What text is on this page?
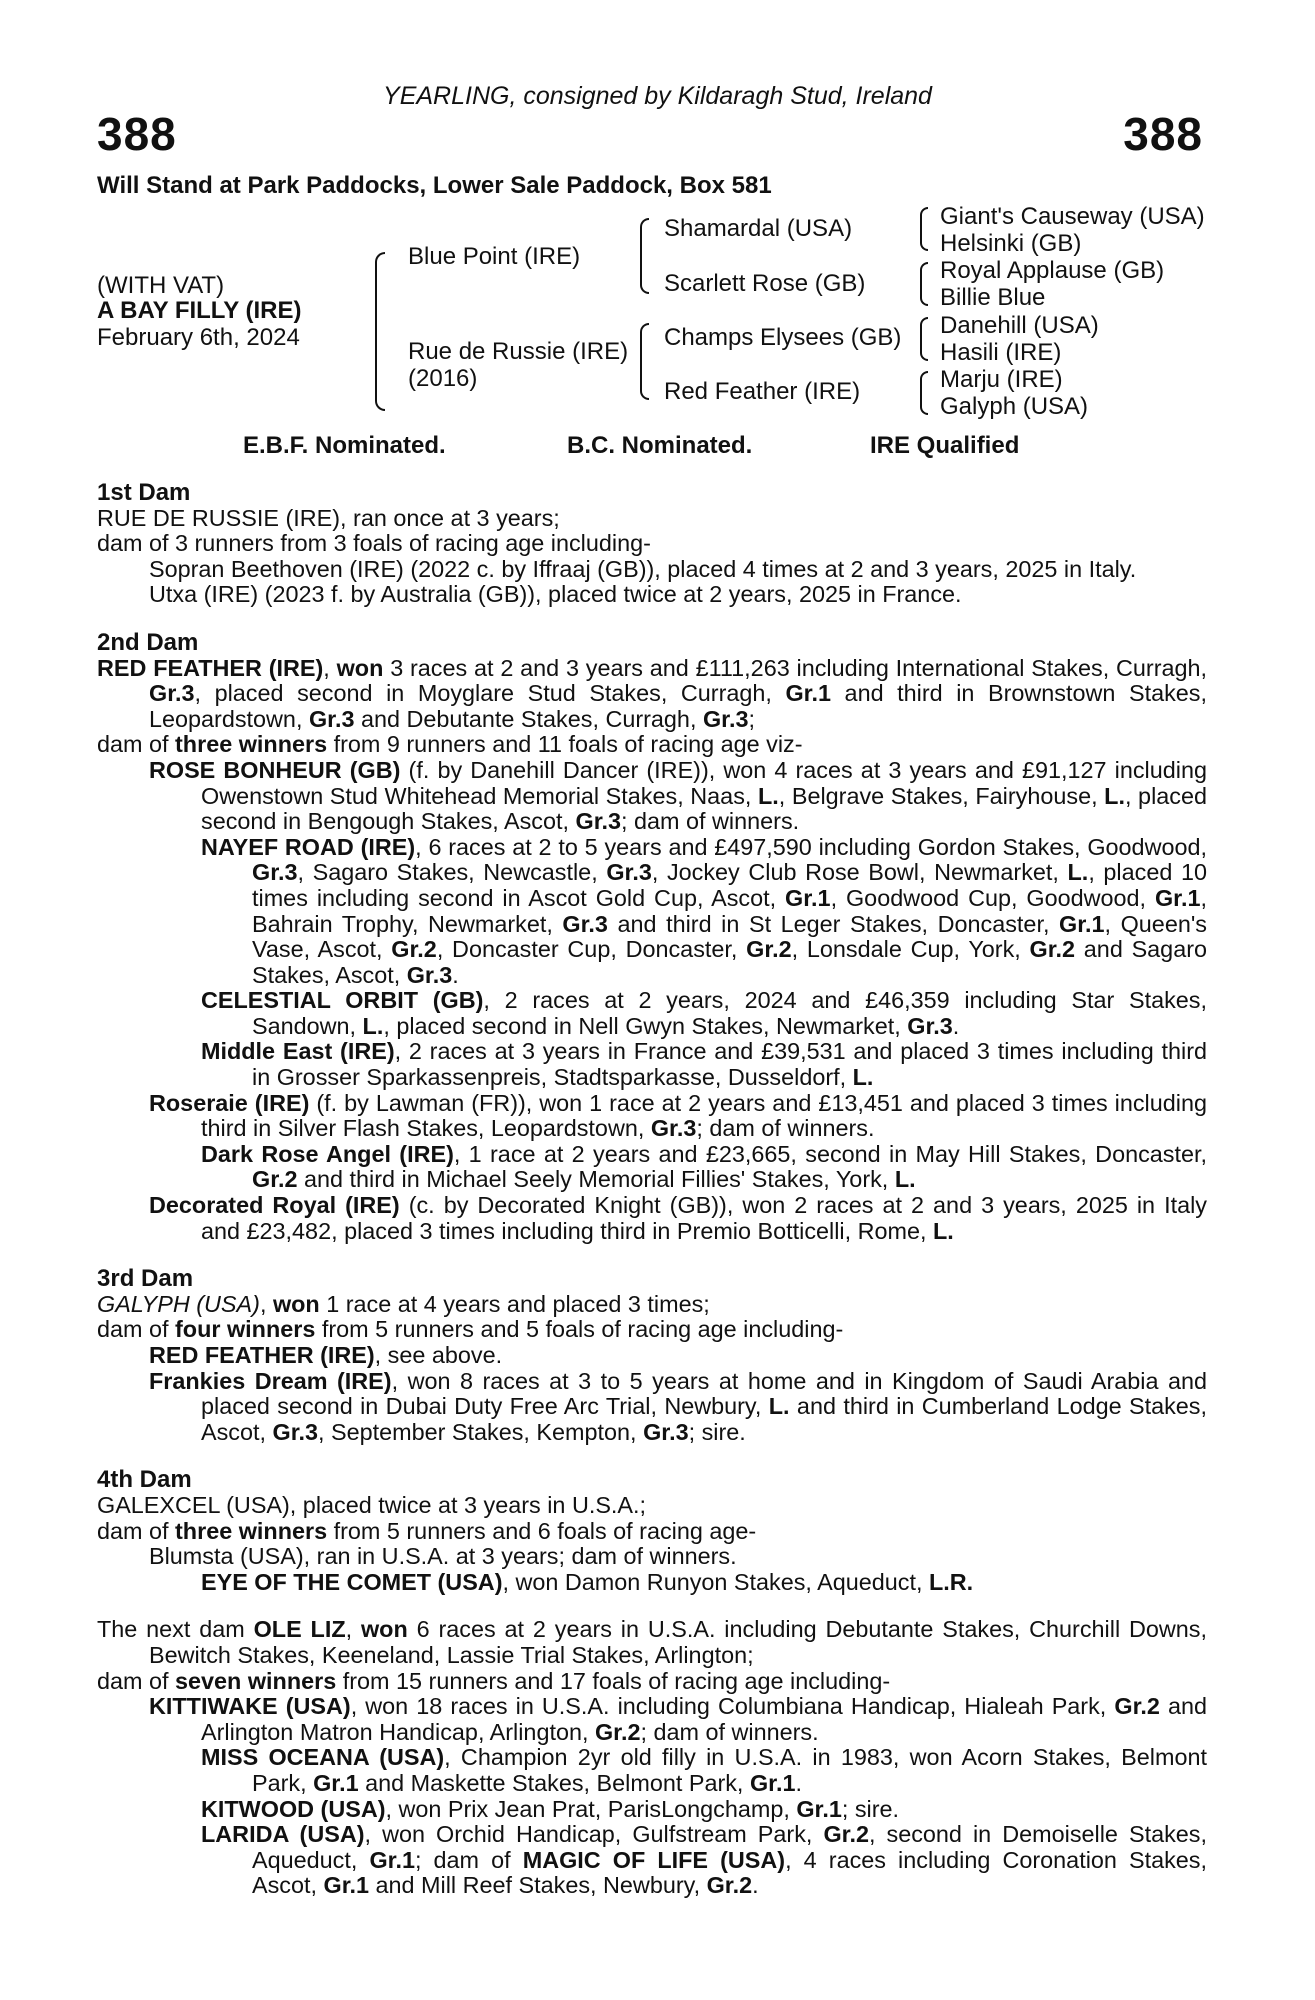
YEARLING, consigned by Kildaragh Stud, Ireland
388	388
Will Stand at Park Paddocks, Lower Sale Paddock, Box 581
(WITH VAT)
A BAY FILLY (IRE)
February 6th, 2024
Blue Point (IRE)
Rue de Russie (IRE)
(2016)
Shamardal (USA)
Scarlett Rose (GB)
Champs Elysees (GB)
Red Feather (IRE)
Giant's Causeway (USA)
Helsinki (GB)
Royal Applause (GB)
Billie Blue
Danehill (USA)
Hasili (IRE)
Marju (IRE)
Galyph (USA)
E.B.F. Nominated.	B.C. Nominated.	IRE Qualified
1st Dam
RUE DE RUSSIE (IRE), ran once at 3 years;
dam of 3 runners from 3 foals of racing age including-
Sopran Beethoven (IRE) (2022 c. by Iffraaj (GB)), placed 4 times at 2 and 3 years, 2025 in Italy.
Utxa (IRE) (2023 f. by Australia (GB)), placed twice at 2 years, 2025 in France.
2nd Dam
RED FEATHER (IRE), won 3 races at 2 and 3 years and £111,263 including International Stakes, Curragh, Gr.3, placed second in Moyglare Stud Stakes, Curragh, Gr.1 and third in Brownstown Stakes, Leopardstown, Gr.3 and Debutante Stakes, Curragh, Gr.3;
dam of three winners from 9 runners and 11 foals of racing age viz-
ROSE BONHEUR (GB) (f. by Danehill Dancer (IRE)), won 4 races at 3 years and £91,127 including Owenstown Stud Whitehead Memorial Stakes, Naas, L., Belgrave Stakes, Fairyhouse, L., placed second in Bengough Stakes, Ascot, Gr.3; dam of winners.
NAYEF ROAD (IRE), 6 races at 2 to 5 years and £497,590 including Gordon Stakes, Goodwood, Gr.3, Sagaro Stakes, Newcastle, Gr.3, Jockey Club Rose Bowl, Newmarket, L., placed 10 times including second in Ascot Gold Cup, Ascot, Gr.1, Goodwood Cup, Goodwood, Gr.1, Bahrain Trophy, Newmarket, Gr.3 and third in St Leger Stakes, Doncaster, Gr.1, Queen's Vase, Ascot, Gr.2, Doncaster Cup, Doncaster, Gr.2, Lonsdale Cup, York, Gr.2 and Sagaro Stakes, Ascot, Gr.3.
CELESTIAL ORBIT (GB), 2 races at 2 years, 2024 and £46,359 including Star Stakes, Sandown, L., placed second in Nell Gwyn Stakes, Newmarket, Gr.3.
Middle East (IRE), 2 races at 3 years in France and £39,531 and placed 3 times including third in Grosser Sparkassenpreis, Stadtsparkasse, Dusseldorf, L.
Roseraie (IRE) (f. by Lawman (FR)), won 1 race at 2 years and £13,451 and placed 3 times including third in Silver Flash Stakes, Leopardstown, Gr.3; dam of winners.
Dark Rose Angel (IRE), 1 race at 2 years and £23,665, second in May Hill Stakes, Doncaster, Gr.2 and third in Michael Seely Memorial Fillies' Stakes, York, L.
Decorated Royal (IRE) (c. by Decorated Knight (GB)), won 2 races at 2 and 3 years, 2025 in Italy and £23,482, placed 3 times including third in Premio Botticelli, Rome, L.
3rd Dam
GALYPH (USA), won 1 race at 4 years and placed 3 times;
dam of four winners from 5 runners and 5 foals of racing age including-
RED FEATHER (IRE), see above.
Frankies Dream (IRE), won 8 races at 3 to 5 years at home and in Kingdom of Saudi Arabia and placed second in Dubai Duty Free Arc Trial, Newbury, L. and third in Cumberland Lodge Stakes, Ascot, Gr.3, September Stakes, Kempton, Gr.3; sire.
4th Dam
GALEXCEL (USA), placed twice at 3 years in U.S.A.;
dam of three winners from 5 runners and 6 foals of racing age-
Blumsta (USA), ran in U.S.A. at 3 years; dam of winners.
EYE OF THE COMET (USA), won Damon Runyon Stakes, Aqueduct, L.R.
The next dam OLE LIZ, won 6 races at 2 years in U.S.A. including Debutante Stakes, Churchill Downs, Bewitch Stakes, Keeneland, Lassie Trial Stakes, Arlington;
dam of seven winners from 15 runners and 17 foals of racing age including-
KITTIWAKE (USA), won 18 races in U.S.A. including Columbiana Handicap, Hialeah Park, Gr.2 and Arlington Matron Handicap, Arlington, Gr.2; dam of winners.
MISS OCEANA (USA), Champion 2yr old filly in U.S.A. in 1983, won Acorn Stakes, Belmont Park, Gr.1 and Maskette Stakes, Belmont Park, Gr.1.
KITWOOD (USA), won Prix Jean Prat, ParisLongchamp, Gr.1; sire.
LARIDA (USA), won Orchid Handicap, Gulfstream Park, Gr.2, second in Demoiselle Stakes, Aqueduct, Gr.1; dam of MAGIC OF LIFE (USA), 4 races including Coronation Stakes, Ascot, Gr.1 and Mill Reef Stakes, Newbury, Gr.2.
